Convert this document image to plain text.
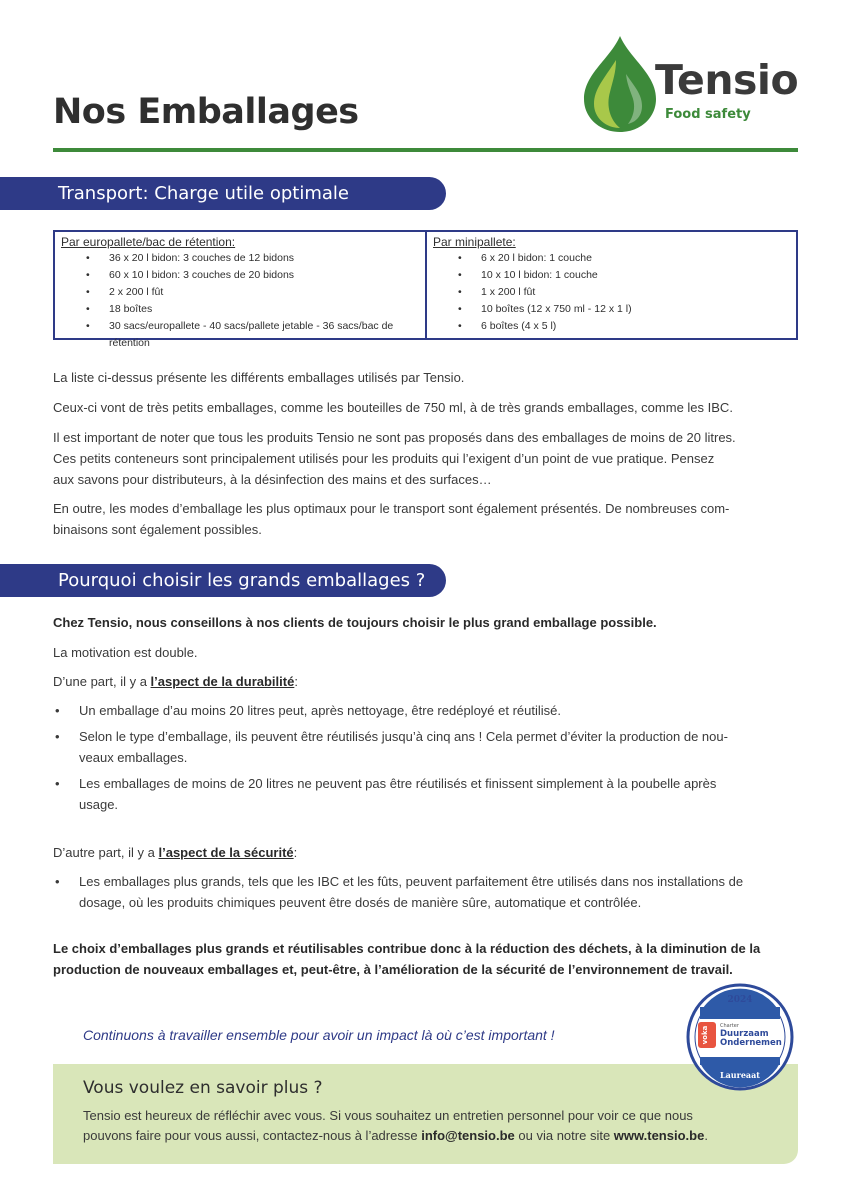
Nos Emballages
Tensio
Food safety
Transport: Charge utile optimale
Par europallete/bac de rétention:
• 36 x 20 l bidon: 3 couches de 12 bidons
• 60 x 10 l bidon: 3 couches de 20 bidons
• 2 x 200 l fût
• 18 boîtes
• 30 sacs/europallete - 40 sacs/pallete jetable - 36 sacs/bac de rétention
Par minipallete:
• 6 x 20 l bidon: 1 couche
• 10 x 10 l bidon: 1 couche
• 1 x 200 l fût
• 10 boîtes (12 x 750 ml - 12 x 1 l)
• 6 boîtes (4 x 5 l)

La liste ci-dessus présente les différents emballages utilisés par Tensio.

Ceux-ci vont de très petits emballages, comme les bouteilles de 750 ml, à de très grands emballages, comme les IBC.

Il est important de noter que tous les produits Tensio ne sont pas proposés dans des emballages de moins de 20 litres.

Ces petits conteneurs sont principalement utilisés pour les produits qui l’exigent d’un point de vue pratique. Pensez

aux savons pour distributeurs, à la désinfection des mains et des surfaces…

En outre, les modes d’emballage les plus optimaux pour le transport sont également présentés. De nombreuses com-

binaisons sont également possibles.

Pourquoi choisir les grands emballages ?

Chez Tensio, nous conseillons à nos clients de toujours choisir le plus grand emballage possible.

La motivation est double.

D’une part, il y a l’aspect de la durabilité:

• Un emballage d’au moins 20 litres peut, après nettoyage, être redéployé et réutilisé.
• Selon le type d’emballage, ils peuvent être réutilisés jusqu’à cinq ans ! Cela permet d’éviter la production de nou-
veaux emballages.
• Les emballages de moins de 20 litres ne peuvent pas être réutilisés et finissent simplement à la poubelle après
usage.

D’autre part, il y a l’aspect de la sécurité:

• Les emballages plus grands, tels que les IBC et les fûts, peuvent parfaitement être utilisés dans nos installations de
dosage, où les produits chimiques peuvent être dosés de manière sûre, automatique et contrôlée.

Le choix d’emballages plus grands et réutilisables contribue donc à la réduction des déchets, à la diminution de la

production de nouveaux emballages et, peut-être, à l’amélioration de la sécurité de l’environnement de travail.

Continuons à travailler ensemble pour avoir un impact là où c’est important !
Vous voulez en savoir plus ?
Tensio est heureux de réfléchir avec vous. Si vous souhaitez un entretien personnel pour voir ce que nous
pouvons faire pour vous aussi, contactez-nous à l’adresse info@tensio.be ou via notre site www.tensio.be.
2024
voka Charter
Duurzaam
Ondernemen
Laureaat
